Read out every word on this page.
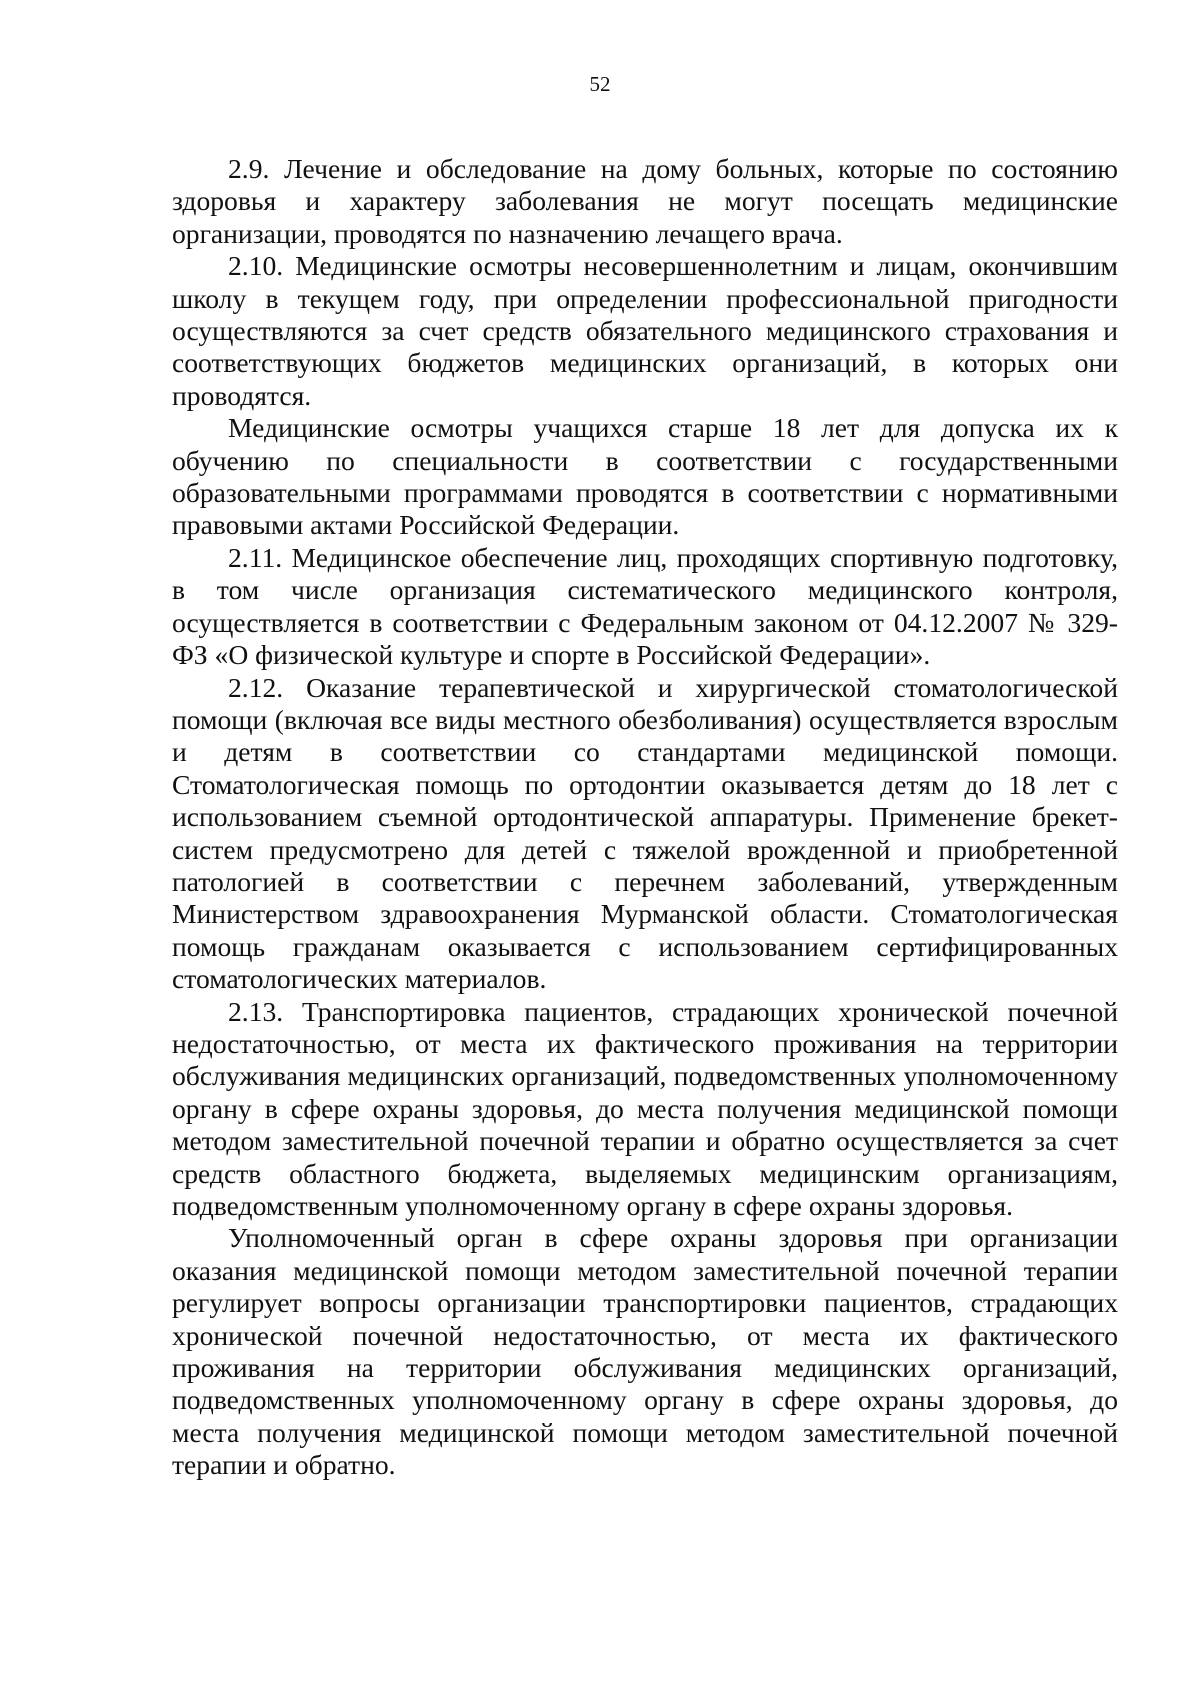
52

2.9. Лечение и обследование на дому больных, которые по состоянию здоровья и характеру заболевания не могут посещать медицинские организации, проводятся по назначению лечащего врача.

2.10. Медицинские осмотры несовершеннолетним и лицам, окончившим школу в текущем году, при определении профессиональной пригодности осуществляются за счет средств обязательного медицинского страхования и соответствующих бюджетов медицинских организаций, в которых они проводятся.

Медицинские осмотры учащихся старше 18 лет для допуска их к обучению по специальности в соответствии с государственными образовательными программами проводятся в соответствии с нормативными правовыми актами Российской Федерации.

2.11. Медицинское обеспечение лиц, проходящих спортивную подготовку, в том числе организация систематического медицинского контроля, осуществляется в соответствии с Федеральным законом от 04.12.2007 № 329-ФЗ «О физической культуре и спорте в Российской Федерации».

2.12. Оказание терапевтической и хирургической стоматологической помощи (включая все виды местного обезболивания) осуществляется взрослым и детям в соответствии со стандартами медицинской помощи. Стоматологическая помощь по ортодонтии оказывается детям до 18 лет с использованием съемной ортодонтической аппаратуры. Применение брекет-систем предусмотрено для детей с тяжелой врожденной и приобретенной патологией в соответствии с перечнем заболеваний, утвержденным Министерством здравоохранения Мурманской области. Стоматологическая помощь гражданам оказывается с использованием сертифицированных стоматологических материалов.

2.13. Транспортировка пациентов, страдающих хронической почечной недостаточностью, от места их фактического проживания на территории обслуживания медицинских организаций, подведомственных уполномоченному органу в сфере охраны здоровья, до места получения медицинской помощи методом заместительной почечной терапии и обратно осуществляется за счет средств областного бюджета, выделяемых медицинским организациям, подведомственным уполномоченному органу в сфере охраны здоровья.

Уполномоченный орган в сфере охраны здоровья при организации оказания медицинской помощи методом заместительной почечной терапии регулирует вопросы организации транспортировки пациентов, страдающих хронической почечной недостаточностью, от места их фактического проживания на территории обслуживания медицинских организаций, подведомственных уполномоченному органу в сфере охраны здоровья, до места получения медицинской помощи методом заместительной почечной терапии и обратно.
